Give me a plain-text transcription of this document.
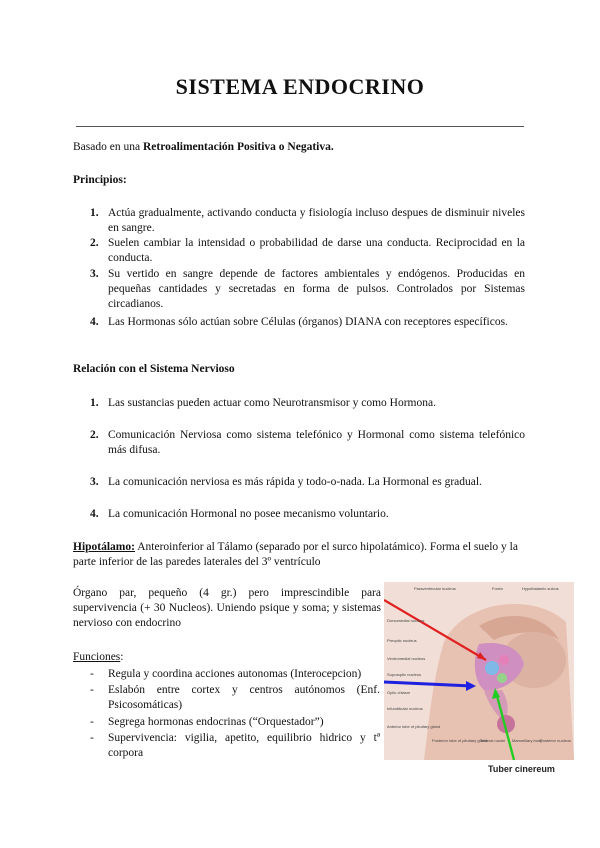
SISTEMA ENDOCRINO
Basado en una Retroalimentación Positiva o Negativa.
Principios:
1. Actúa gradualmente, activando conducta y fisiología incluso despues de disminuir niveles en sangre.
2. Suelen cambiar la intensidad o probabilidad de darse una conducta. Reciprocidad en la conducta.
3. Su vertido en sangre depende de factores ambientales y endógenos. Producidas en pequeñas cantidades y secretadas en forma de pulsos. Controlados por Sistemas circadianos.
4. Las Hormonas sólo actúan sobre Células (órganos) DIANA con receptores específicos.
Relación con el Sistema Nervioso
1. Las sustancias pueden actuar como Neurotransmisor y como Hormona.
2. Comunicación Nerviosa como sistema telefónico y Hormonal como sistema telefónico más difusa.
3. La comunicación nerviosa es más rápida y todo-o-nada. La Hormonal es gradual.
4. La comunicación Hormonal no posee mecanismo voluntario.
Hipotálamo: Anteroinferior al Tálamo (separado por el surco hipolatámico). Forma el suelo y la parte inferior de las paredes laterales del 3º ventrículo
Órgano par, pequeño (4 gr.) pero imprescindible para supervivencia (+ 30 Nucleos). Uniendo psique y soma; y sistemas nervioso con endocrino
Funciones:
- Regula y coordina acciones autonomas (Interocepcion)
- Eslabón entre cortex y centros autónomos (Enf. Psicosomáticas)
- Segrega hormonas endocrinas (“Orquestador”)
- Supervivencia: vigilia, apetito, equilibrio hidrico y tª corpora
Paraventricular nucleus	Fornix	Hypothalamic sulcus
Dorsomedial nucleus
Preoptic nucleus
Ventromedial nucleus
Supraoptic nucleus
Optic chiasm
Infundibular nucleus
Anterior lobe of pituitary gland
Posterior lobe of pituitary gland
Tuberal nuclei Mammillary body
Posterior nucleus
Tuber cinereum
